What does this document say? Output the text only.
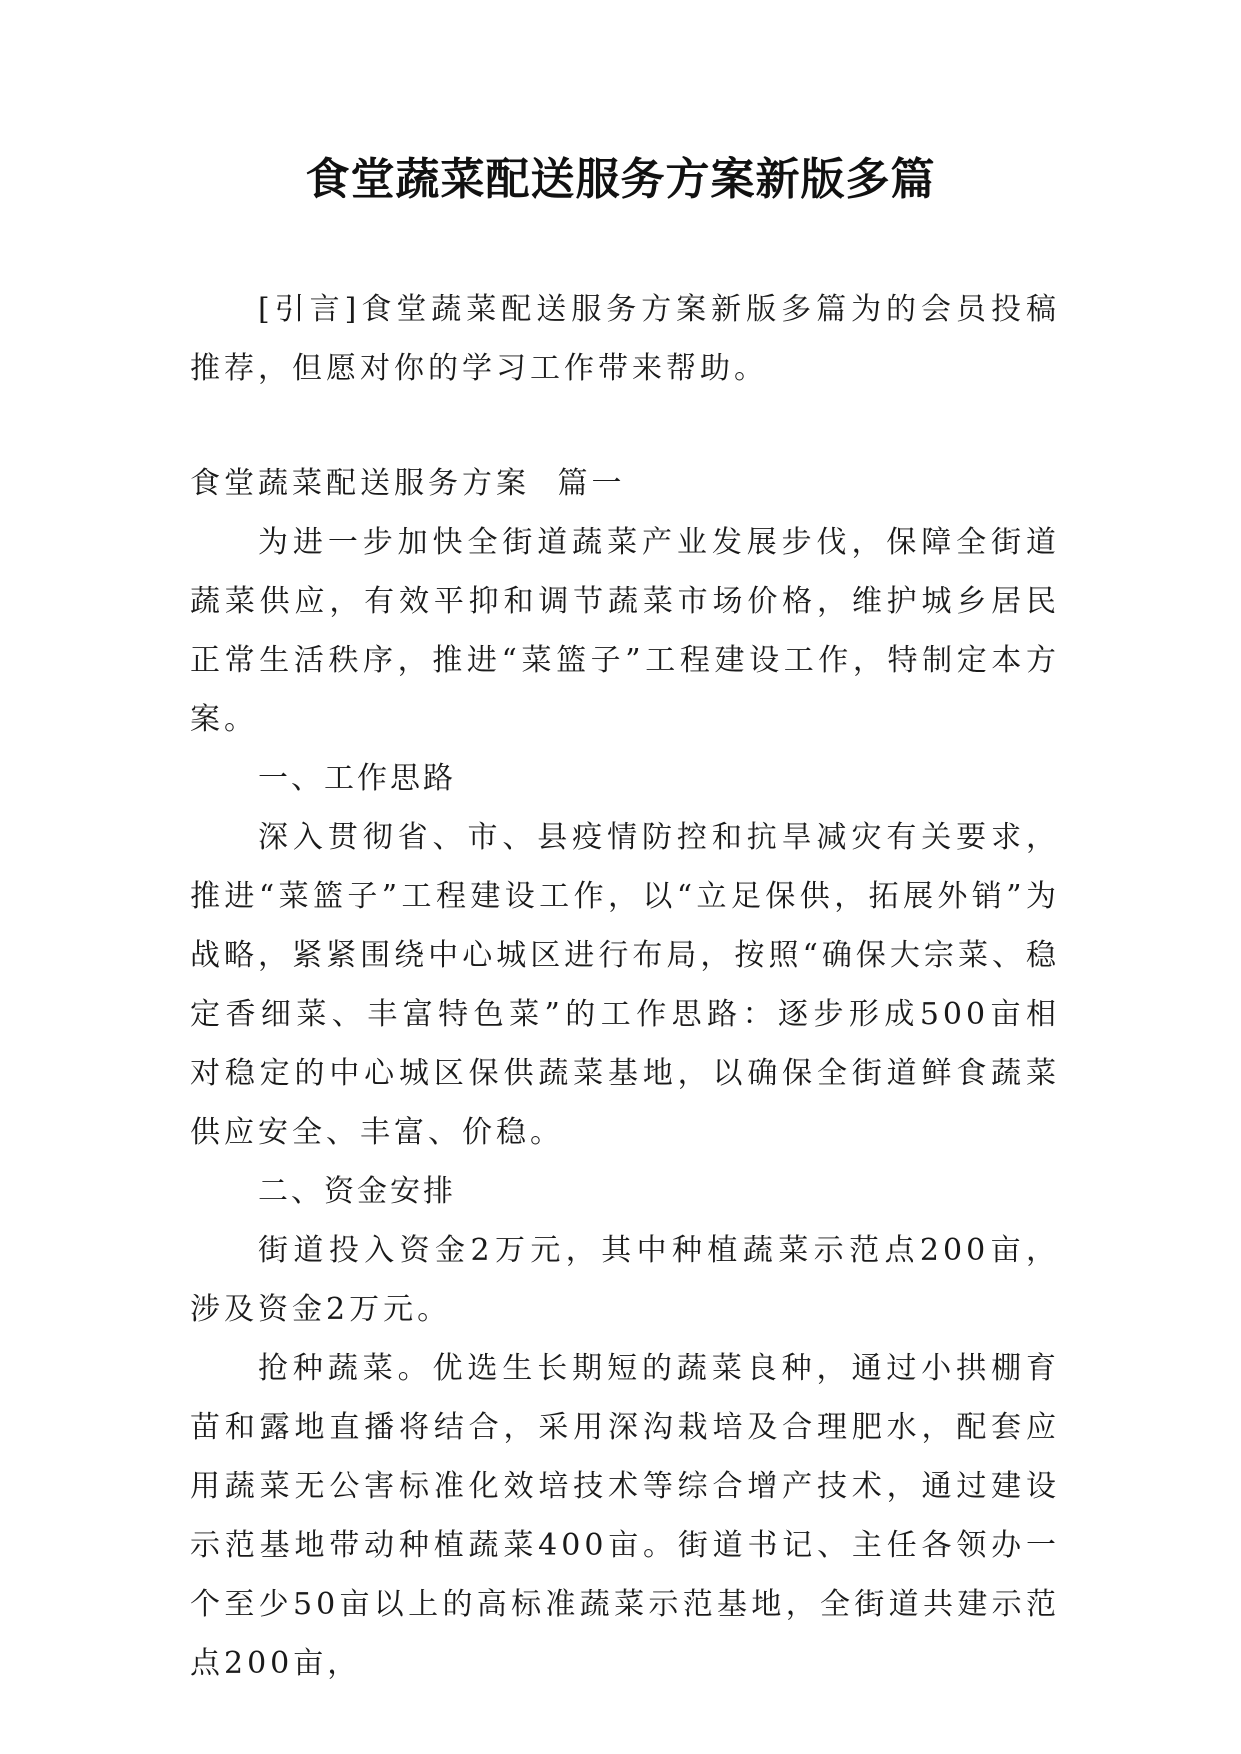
食堂蔬菜配送服务方案新版多篇

[引言]食堂蔬菜配送服务方案新版多篇为的会员投稿推荐，但愿对你的学习工作带来帮助。

食堂蔬菜配送服务方案 篇一

为进一步加快全街道蔬菜产业发展步伐，保障全街道蔬菜供应，有效平抑和调节蔬菜市场价格，维护城乡居民正常生活秩序，推进“菜篮子”工程建设工作，特制定本方案。

一、工作思路

深入贯彻省、市、县疫情防控和抗旱减灾有关要求，推进“菜篮子”工程建设工作，以“立足保供，拓展外销”为战略，紧紧围绕中心城区进行布局，按照“确保大宗菜、稳定香细菜、丰富特色菜”的工作思路：逐步形成500亩相对稳定的中心城区保供蔬菜基地，以确保全街道鲜食蔬菜供应安全、丰富、价稳。

二、资金安排

街道投入资金2万元，其中种植蔬菜示范点200亩，涉及资金2万元。

抢种蔬菜。优选生长期短的蔬菜良种，通过小拱棚育苗和露地直播将结合，采用深沟栽培及合理肥水，配套应用蔬菜无公害标准化效培技术等综合增产技术，通过建设示范基地带动种植蔬菜400亩。街道书记、主任各领办一个至少50亩以上的高标准蔬菜示范基地，全街道共建示范点200亩，
